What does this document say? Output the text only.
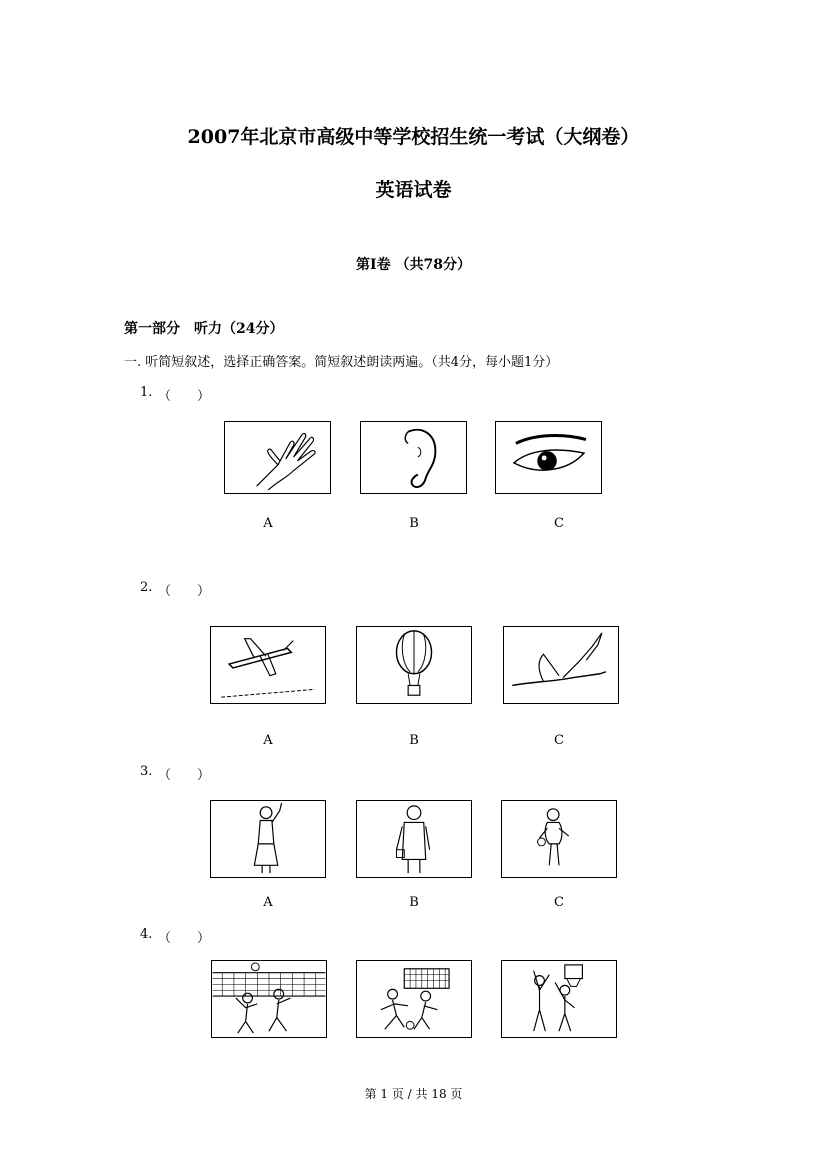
2007年北京市高级中等学校招生统一考试（大纲卷）
英语试卷
第Ⅰ卷 （共78分）
第一部分　听力（24分）
一. 听简短叙述，选择正确答案。简短叙述朗读两遍。（共4分，每小题1分）
1. （　　）
A	B	C
2. （　　）
A	B	C
3. （　　）
A	B	C
4. （　　）
第 1 页 / 共 18 页
